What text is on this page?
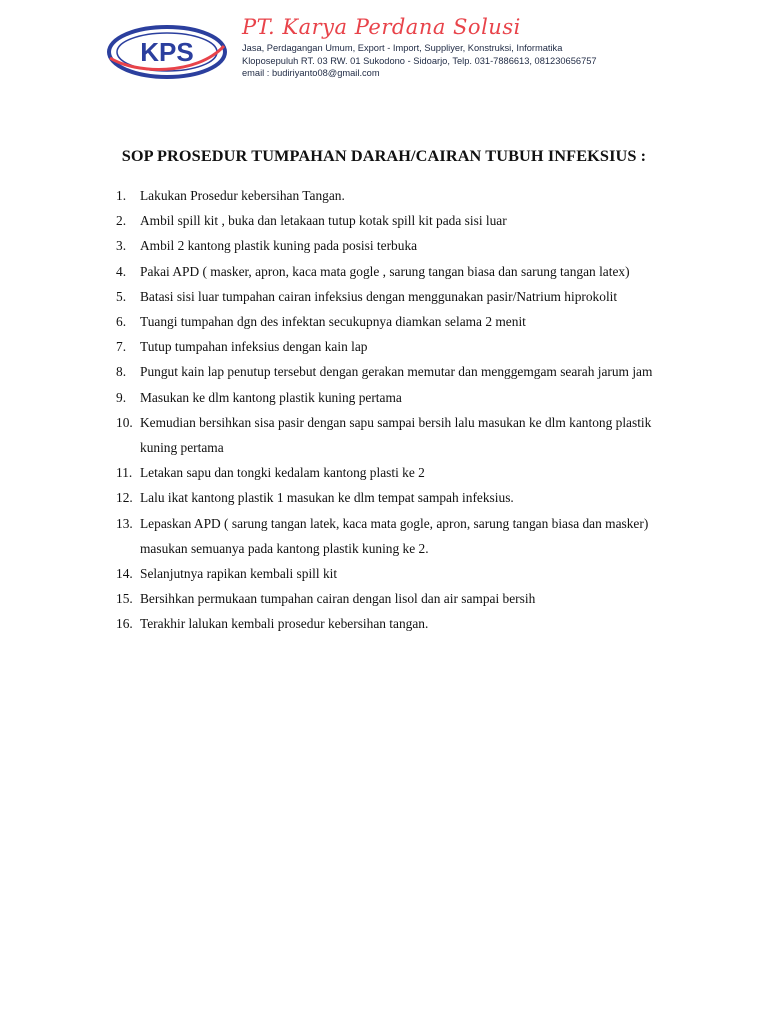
KPS
PT. Karya Perdana Solusi
Jasa, Perdagangan Umum, Export - Import, Suppliyer, Konstruksi, Informatika
Kloposepuluh RT. 03 RW. 01 Sukodono - Sidoarjo, Telp. 031-7886613, 081230656757
email : budiriyanto08@gmail.com
SOP PROSEDUR TUMPAHAN DARAH/CAIRAN TUBUH INFEKSIUS :
1. Lakukan Prosedur kebersihan Tangan.
2. Ambil spill kit , buka dan letakaan tutup kotak spill kit pada sisi luar
3. Ambil 2 kantong plastik kuning pada posisi terbuka
4. Pakai APD ( masker, apron, kaca mata gogle , sarung tangan biasa dan sarung tangan latex)
5. Batasi sisi luar tumpahan cairan infeksius dengan menggunakan pasir/Natrium hiprokolit
6. Tuangi tumpahan dgn des infektan secukupnya diamkan selama 2 menit
7. Tutup tumpahan infeksius dengan kain lap
8. Pungut kain lap penutup tersebut dengan gerakan memutar dan menggemgam searah jarum jam
9. Masukan ke dlm kantong plastik kuning pertama
10. Kemudian bersihkan sisa pasir dengan sapu sampai bersih lalu masukan ke dlm kantong plastik kuning pertama
11. Letakan sapu dan tongki kedalam kantong plasti ke 2
12. Lalu ikat kantong plastik 1 masukan ke dlm tempat sampah infeksius.
13. Lepaskan APD ( sarung tangan latek, kaca mata gogle, apron, sarung tangan biasa dan masker) masukan semuanya pada kantong plastik kuning ke 2.
14. Selanjutnya rapikan kembali spill kit
15. Bersihkan permukaan tumpahan cairan dengan lisol dan air sampai bersih
16. Terakhir lalukan kembali prosedur kebersihan tangan.
